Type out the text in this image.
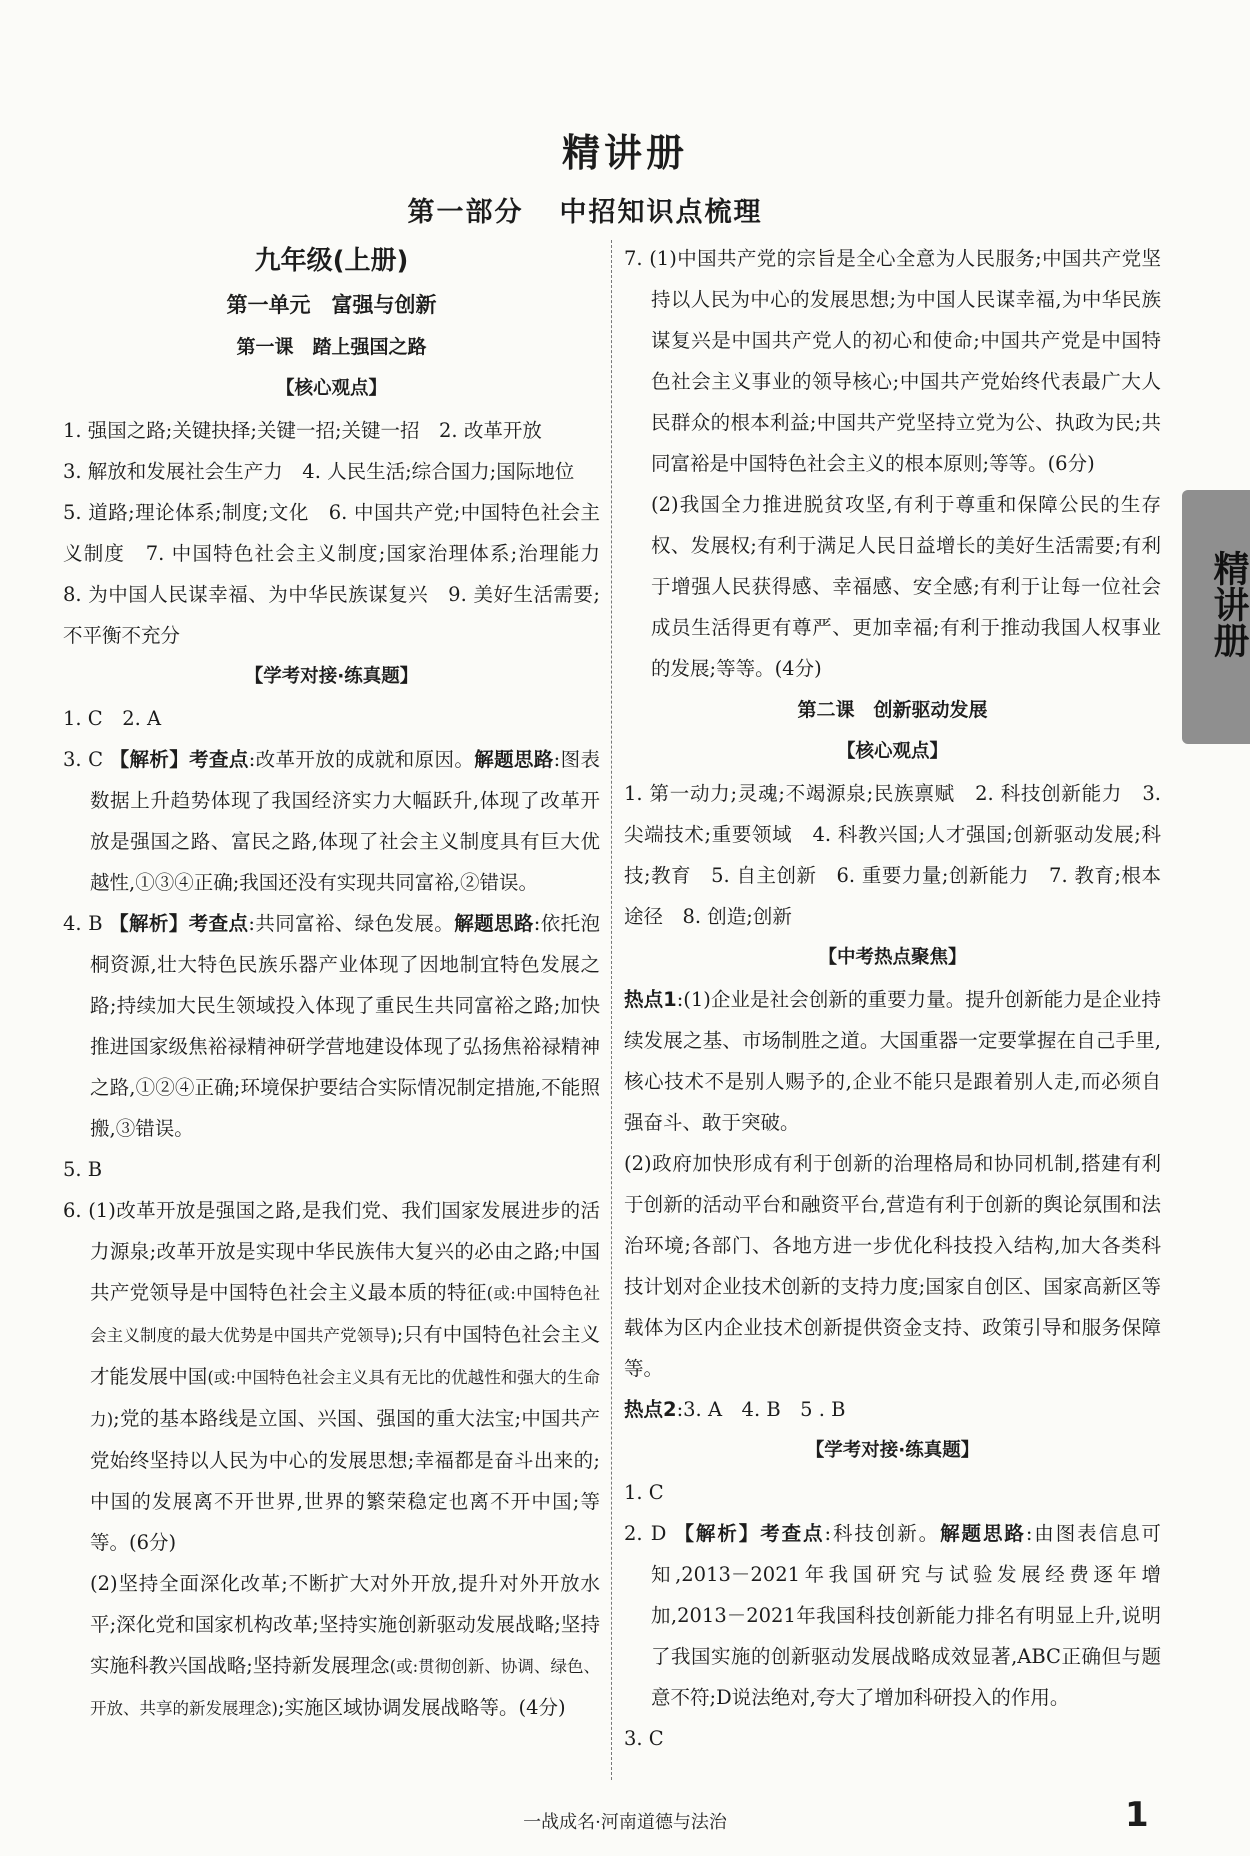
精讲册
第一部分 中招知识点梳理
九年级(上册)
第一单元　富强与创新
第一课　踏上强国之路
【核心观点】

1. 强国之路;关键抉择;关键一招;关键一招　2. 改革开放

3. 解放和发展社会生产力　4. 人民生活;综合国力;国际地位

5. 道路;理论体系;制度;文化　6. 中国共产党;中国特色社会主义制度　7. 中国特色社会主义制度;国家治理体系;治理能力　8. 为中国人民谋幸福、为中华民族谋复兴　9. 美好生活需要;不平衡不充分

【学考对接·练真题】

1. C　2. A

3. C 【解析】考查点:改革开放的成就和原因。解题思路:图表数据上升趋势体现了我国经济实力大幅跃升,体现了改革开放是强国之路、富民之路,体现了社会主义制度具有巨大优越性,①③④正确;我国还没有实现共同富裕,②错误。

4. B 【解析】考查点:共同富裕、绿色发展。解题思路:依托泡桐资源,壮大特色民族乐器产业体现了因地制宜特色发展之路;持续加大民生领域投入体现了重民生共同富裕之路;加快推进国家级焦裕禄精神研学营地建设体现了弘扬焦裕禄精神之路,①②④正确;环境保护要结合实际情况制定措施,不能照搬,③错误。

5. B

6. (1)改革开放是强国之路,是我们党、我们国家发展进步的活力源泉;改革开放是实现中华民族伟大复兴的必由之路;中国共产党领导是中国特色社会主义最本质的特征(或:中国特色社会主义制度的最大优势是中国共产党领导);只有中国特色社会主义才能发展中国(或:中国特色社会主义具有无比的优越性和强大的生命力);党的基本路线是立国、兴国、强国的重大法宝;中国共产党始终坚持以人民为中心的发展思想;幸福都是奋斗出来的;中国的发展离不开世界,世界的繁荣稳定也离不开中国;等等。(6分)

(2)坚持全面深化改革;不断扩大对外开放,提升对外开放水平;深化党和国家机构改革;坚持实施创新驱动发展战略;坚持实施科教兴国战略;坚持新发展理念(或:贯彻创新、协调、绿色、开放、共享的新发展理念);实施区域协调发展战略等。(4分)

7. (1)中国共产党的宗旨是全心全意为人民服务;中国共产党坚持以人民为中心的发展思想;为中国人民谋幸福,为中华民族谋复兴是中国共产党人的初心和使命;中国共产党是中国特色社会主义事业的领导核心;中国共产党始终代表最广大人民群众的根本利益;中国共产党坚持立党为公、执政为民;共同富裕是中国特色社会主义的根本原则;等等。(6分)

(2)我国全力推进脱贫攻坚,有利于尊重和保障公民的生存权、发展权;有利于满足人民日益增长的美好生活需要;有利于增强人民获得感、幸福感、安全感;有利于让每一位社会成员生活得更有尊严、更加幸福;有利于推动我国人权事业的发展;等等。(4分)

第二课　创新驱动发展
【核心观点】

1. 第一动力;灵魂;不竭源泉;民族禀赋　2. 科技创新能力　3. 尖端技术;重要领域　4. 科教兴国;人才强国;创新驱动发展;科技;教育　5. 自主创新　6. 重要力量;创新能力　7. 教育;根本途径　8. 创造;创新

【中考热点聚焦】

热点1:(1)企业是社会创新的重要力量。提升创新能力是企业持续发展之基、市场制胜之道。大国重器一定要掌握在自己手里,核心技术不是别人赐予的,企业不能只是跟着别人走,而必须自强奋斗、敢于突破。

(2)政府加快形成有利于创新的治理格局和协同机制,搭建有利于创新的活动平台和融资平台,营造有利于创新的舆论氛围和法治环境;各部门、各地方进一步优化科技投入结构,加大各类科技计划对企业技术创新的支持力度;国家自创区、国家高新区等载体为区内企业技术创新提供资金支持、政策引导和服务保障等。

热点2:3. A　4. B　5 . B

【学考对接·练真题】

1. C

2. D 【解析】考查点:科技创新。解题思路:由图表信息可知,2013－2021年我国研究与试验发展经费逐年增加,2013－2021年我国科技创新能力排名有明显上升,说明了我国实施的创新驱动发展战略成效显著,ABC正确但与题意不符;D说法绝对,夸大了增加科研投入的作用。

3. C

精讲册
一战成名·河南道德与法治	1
